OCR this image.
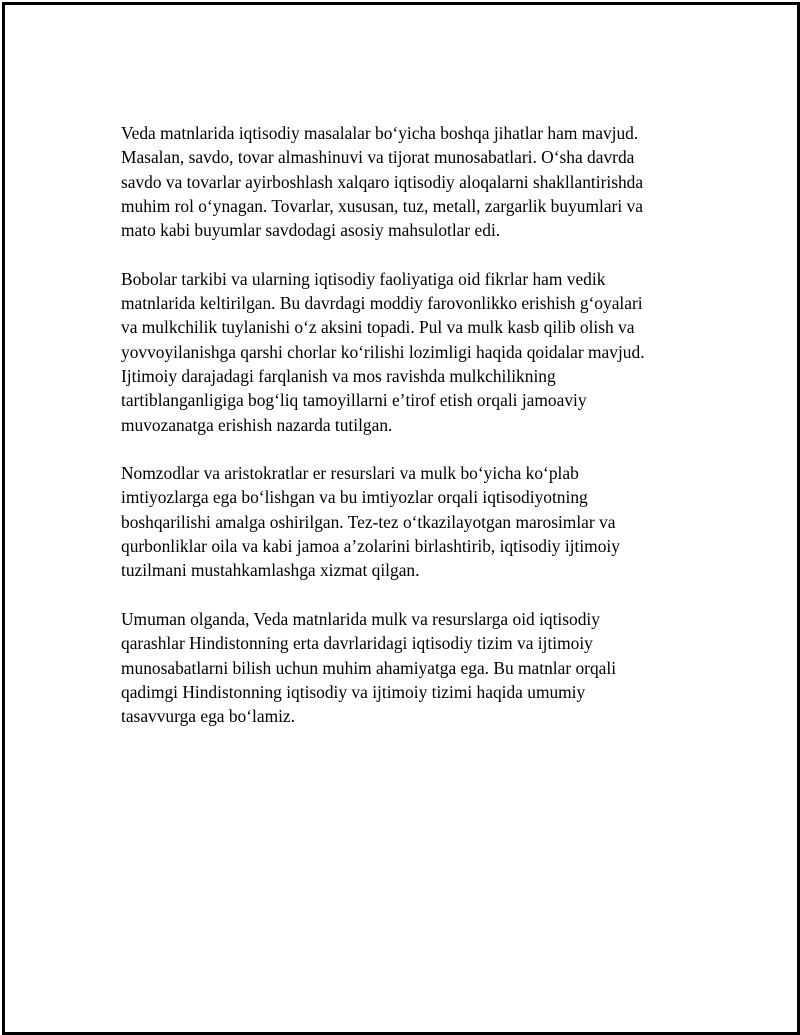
Veda matnlarida iqtisodiy masalalar boʻyicha boshqa jihatlar ham mavjud.
Masalan, savdo, tovar almashinuvi va tijorat munosabatlari. Oʻsha davrda
savdo va tovarlar ayirboshlash xalqaro iqtisodiy aloqalarni shakllantirishda
muhim rol oʻynagan. Tovarlar, xususan, tuz, metall, zargarlik buyumlari va
mato kabi buyumlar savdodagi asosiy mahsulotlar edi.

Bobolar tarkibi va ularning iqtisodiy faoliyatiga oid fikrlar ham vedik
matnlarida keltirilgan. Bu davrdagi moddiy farovonlikko erishish gʻoyalari
va mulkchilik tuylanishi oʻz aksini topadi. Pul va mulk kasb qilib olish va
yovvoyilanishga qarshi chorlar koʻrilishi lozimligi haqida qoidalar mavjud.
Ijtimoiy darajadagi farqlanish va mos ravishda mulkchilikning
tartiblanganligiga bogʻliq tamoyillarni eʼtirof etish orqali jamoaviy
muvozanatga erishish nazarda tutilgan.

Nomzodlar va aristokratlar er resurslari va mulk boʻyicha koʻplab
imtiyozlarga ega boʻlishgan va bu imtiyozlar orqali iqtisodiyotning
boshqarilishi amalga oshirilgan. Tez-tez oʻtkazilayotgan marosimlar va
qurbonliklar oila va kabi jamoa aʼzolarini birlashtirib, iqtisodiy ijtimoiy
tuzilmani mustahkamlashga xizmat qilgan.

Umuman olganda, Veda matnlarida mulk va resurslarga oid iqtisodiy
qarashlar Hindistonning erta davrlaridagi iqtisodiy tizim va ijtimoiy
munosabatlarni bilish uchun muhim ahamiyatga ega. Bu matnlar orqali
qadimgi Hindistonning iqtisodiy va ijtimoiy tizimi haqida umumiy
tasavvurga ega boʻlamiz.
